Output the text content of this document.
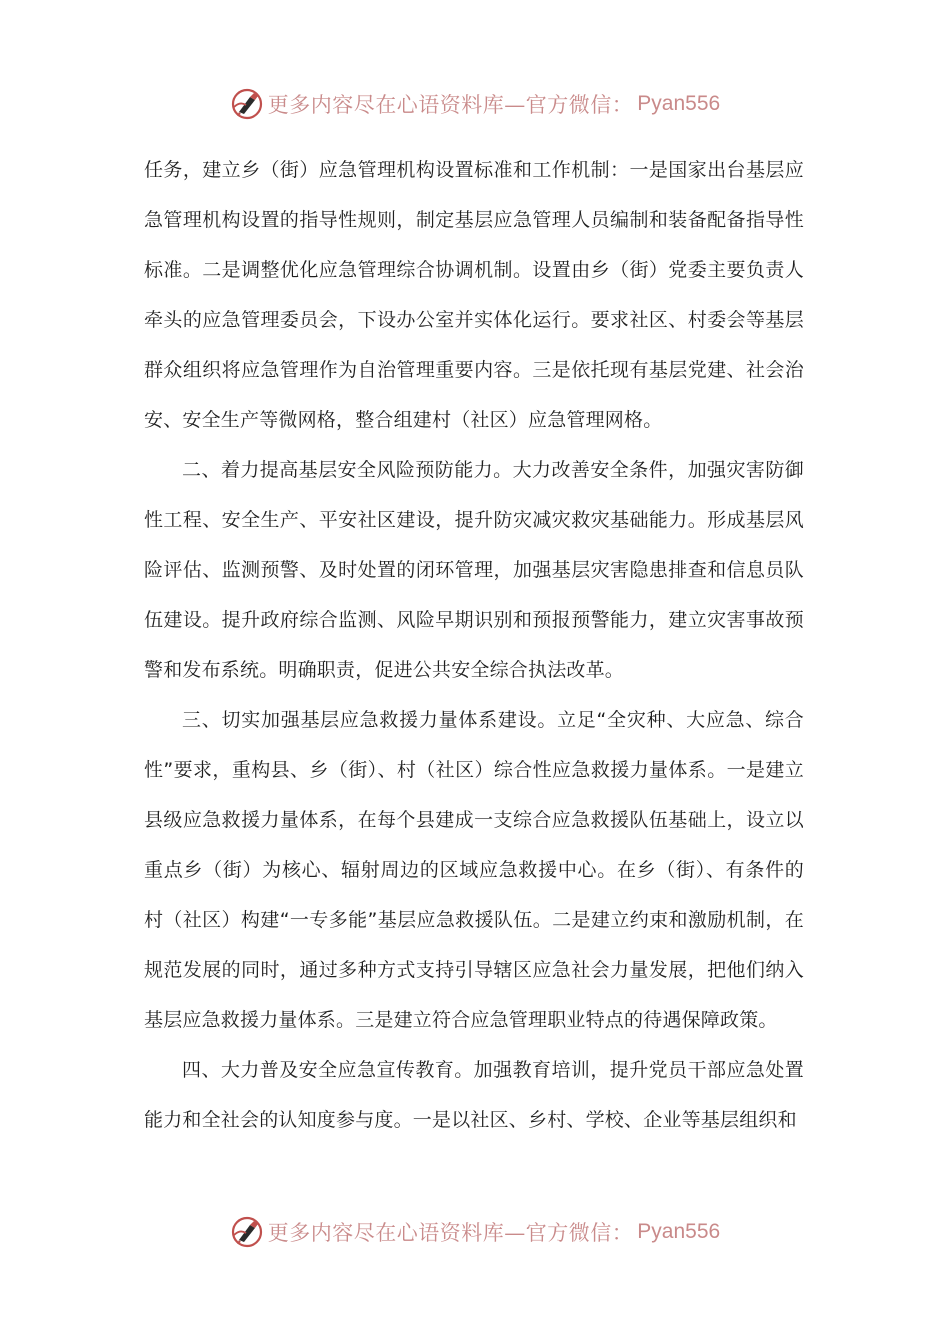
更多内容尽在心语资料库—官方微信： Pyan556

任务，建立乡（街）应急管理机构设置标准和工作机制：一是国家出台基层应急管理机构设置的指导性规则，制定基层应急管理人员编制和装备配备指导性标准。二是调整优化应急管理综合协调机制。设置由乡（街）党委主要负责人牵头的应急管理委员会，下设办公室并实体化运行。要求社区、村委会等基层群众组织将应急管理作为自治管理重要内容。三是依托现有基层党建、社会治安、安全生产等微网格，整合组建村（社区）应急管理网格。

二、着力提高基层安全风险预防能力。大力改善安全条件，加强灾害防御性工程、安全生产、平安社区建设，提升防灾减灾救灾基础能力。形成基层风险评估、监测预警、及时处置的闭环管理，加强基层灾害隐患排查和信息员队伍建设。提升政府综合监测、风险早期识别和预报预警能力，建立灾害事故预警和发布系统。明确职责，促进公共安全综合执法改革。

三、切实加强基层应急救援力量体系建设。立足“全灾种、大应急、综合性”要求，重构县、乡（街）、村（社区）综合性应急救援力量体系。一是建立县级应急救援力量体系，在每个县建成一支综合应急救援队伍基础上，设立以重点乡（街）为核心、辐射周边的区域应急救援中心。在乡（街）、有条件的村（社区）构建“一专多能”基层应急救援队伍。二是建立约束和激励机制，在规范发展的同时，通过多种方式支持引导辖区应急社会力量发展，把他们纳入基层应急救援力量体系。三是建立符合应急管理职业特点的待遇保障政策。

四、大力普及安全应急宣传教育。加强教育培训，提升党员干部应急处置能力和全社会的认知度参与度。一是以社区、乡村、学校、企业等基层组织和

更多内容尽在心语资料库—官方微信： Pyan556
